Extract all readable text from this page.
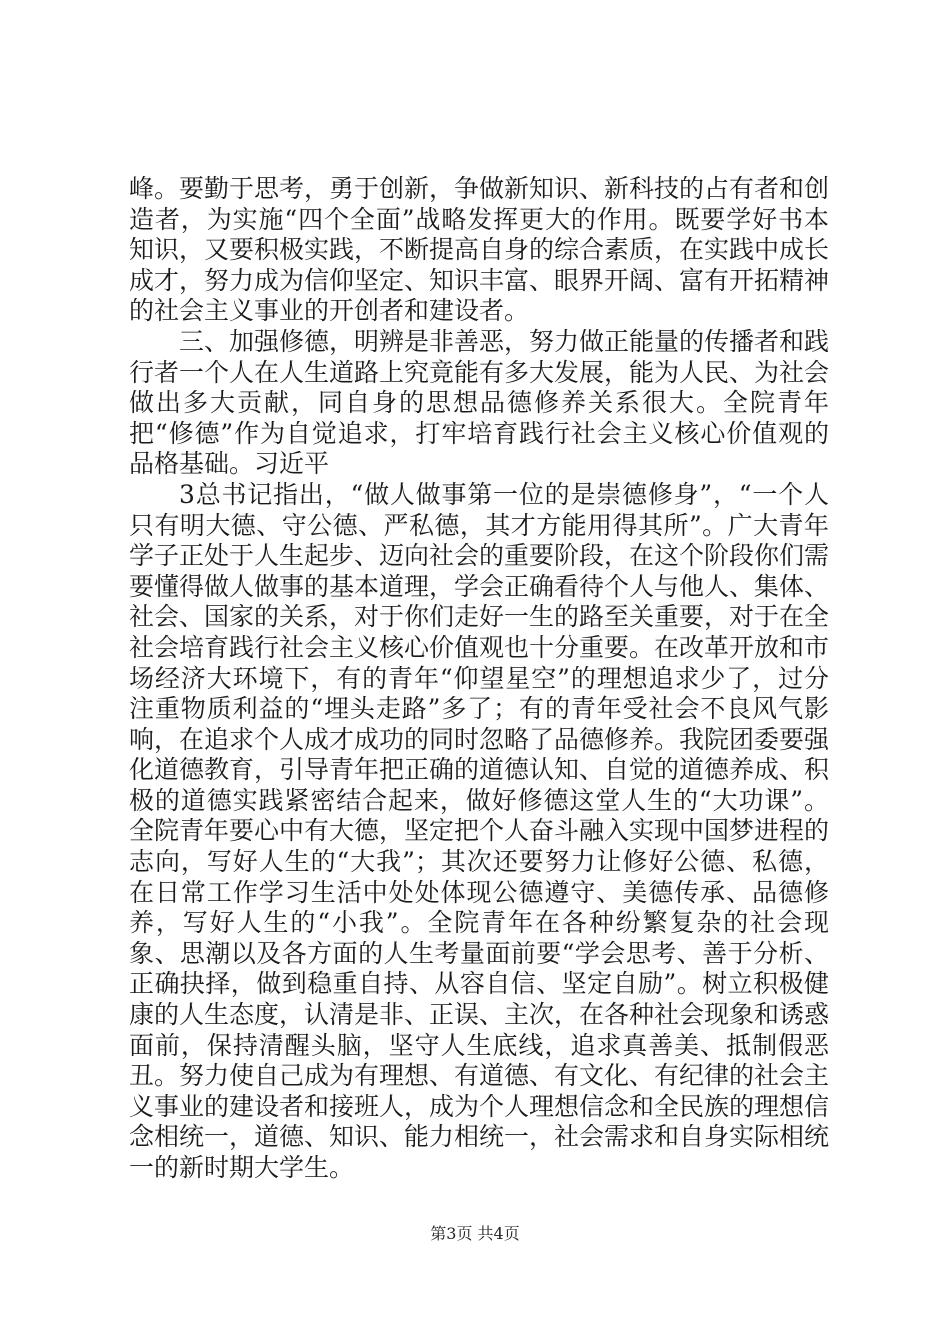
峰。要勤于思考，勇于创新，争做新知识、新科技的占有者和创造者，为实施“四个全面”战略发挥更大的作用。既要学好书本知识，又要积极实践，不断提高自身的综合素质，在实践中成长成才，努力成为信仰坚定、知识丰富、眼界开阔、富有开拓精神的社会主义事业的开创者和建设者。

三、加强修德，明辨是非善恶，努力做正能量的传播者和践行者一个人在人生道路上究竟能有多大发展，能为人民、为社会做出多大贡献，同自身的思想品德修养关系很大。全院青年把“修德”作为自觉追求，打牢培育践行社会主义核心价值观的品格基础。习近平

3总书记指出，“做人做事第一位的是崇德修身”，“一个人只有明大德、守公德、严私德，其才方能用得其所”。广大青年学子正处于人生起步、迈向社会的重要阶段，在这个阶段你们需要懂得做人做事的基本道理，学会正确看待个人与他人、集体、社会、国家的关系，对于你们走好一生的路至关重要，对于在全社会培育践行社会主义核心价值观也十分重要。在改革开放和市场经济大环境下，有的青年“仰望星空”的理想追求少了，过分注重物质利益的“埋头走路”多了；有的青年受社会不良风气影响，在追求个人成才成功的同时忽略了品德修养。我院团委要强化道德教育，引导青年把正确的道德认知、自觉的道德养成、积极的道德实践紧密结合起来，做好修德这堂人生的“大功课”。全院青年要心中有大德，坚定把个人奋斗融入实现中国梦进程的志向，写好人生的“大我”；其次还要努力让修好公德、私德，在日常工作学习生活中处处体现公德遵守、美德传承、品德修养，写好人生的“小我”。全院青年在各种纷繁复杂的社会现象、思潮以及各方面的人生考量面前要“学会思考、善于分析、正确抉择，做到稳重自持、从容自信、坚定自励”。树立积极健康的人生态度，认清是非、正误、主次，在各种社会现象和诱惑面前，保持清醒头脑，坚守人生底线，追求真善美、抵制假恶丑。努力使自己成为有理想、有道德、有文化、有纪律的社会主义事业的建设者和接班人，成为个人理想信念和全民族的理想信念相统一，道德、知识、能力相统一，社会需求和自身实际相统一的新时期大学生。

第3页 共4页
